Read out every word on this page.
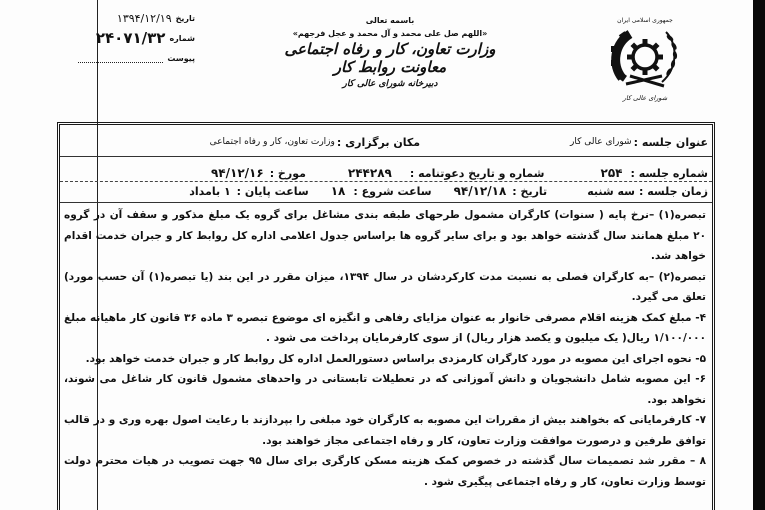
تاریخ
۱۳۹۴/۱۲/۱۹
شماره
۲۴۰۷۱/۳۲
پیوست
باسمه تعالی
«اللهم صل علی محمد و آل محمد و عجل فرجهم»
وزارت تعاون، کار و رفاه اجتماعی
معاونت روابط کار
دبیرخانه شورای عالی کار
جمهوری اسلامی ایران
شورای عالی کار
عنوان جلسه :
شورای عالی کار
مکان برگزاری :
وزارت تعاون، کار و رفاه اجتماعی
شماره جلسه :
۲۵۴
شماره و تاریخ دعوتنامه :
۲۴۴۲۸۹
مورخ :
۹۴/۱۲/۱۶
زمان جلسه :
سه شنبه
تاریخ :
۹۴/۱۲/۱۸
ساعت شروع :
۱۸
ساعت پایان :
۱ بامداد
تبصره(۱) –نرخ پایه ( سنوات) کارگران مشمول طرحهای طبقه بندی مشاغل برای گروه یک مبلغ مذکور و سقف آن در گروه ۲۰ مبلغ همانند سال گذشته خواهد بود و برای سایر گروه ها براساس جدول اعلامی اداره کل روابط کار و جبران خدمت اقدام خواهد شد.
تبصره(۲) –به کارگران فصلی به نسبت مدت کارکردشان در سال ۱۳۹۴، میزان مقرر در این بند (یا تبصره(۱) آن حسب مورد) تعلق می گیرد.
۴- مبلغ کمک هزینه اقلام مصرفی خانوار به عنوان مزایای رفاهی و انگیزه ای موضوع تبصره ۳ ماده ۳۶ قانون کار ماهیانه مبلغ ۱/۱۰۰/۰۰۰ ریال( یک میلیون و یکصد هزار ریال) از سوی کارفرمایان پرداخت می شود .
۵- نحوه اجرای این مصوبه در مورد کارگران کارمزدی براساس دستورالعمل اداره کل روابط کار و جبران خدمت خواهد بود.
۶- این مصوبه شامل دانشجویان و دانش آموزانی که در تعطیلات تابستانی در واحدهای مشمول قانون کار شاغل می شوند، نخواهد بود.
۷- کارفرمایانی که بخواهند بیش از مقررات این مصوبه به کارگران خود مبلغی را بپردازند با رعایت اصول بهره وری و در قالب توافق طرفین و درصورت موافقت وزارت تعاون، کار و رفاه اجتماعی مجاز خواهند بود.
۸ – مقرر شد تصمیمات سال گذشته در خصوص کمک هزینه مسکن کارگری برای سال ۹۵ جهت تصویب در هیات محترم دولت توسط وزارت تعاون، کار و رفاه اجتماعی پیگیری شود .
